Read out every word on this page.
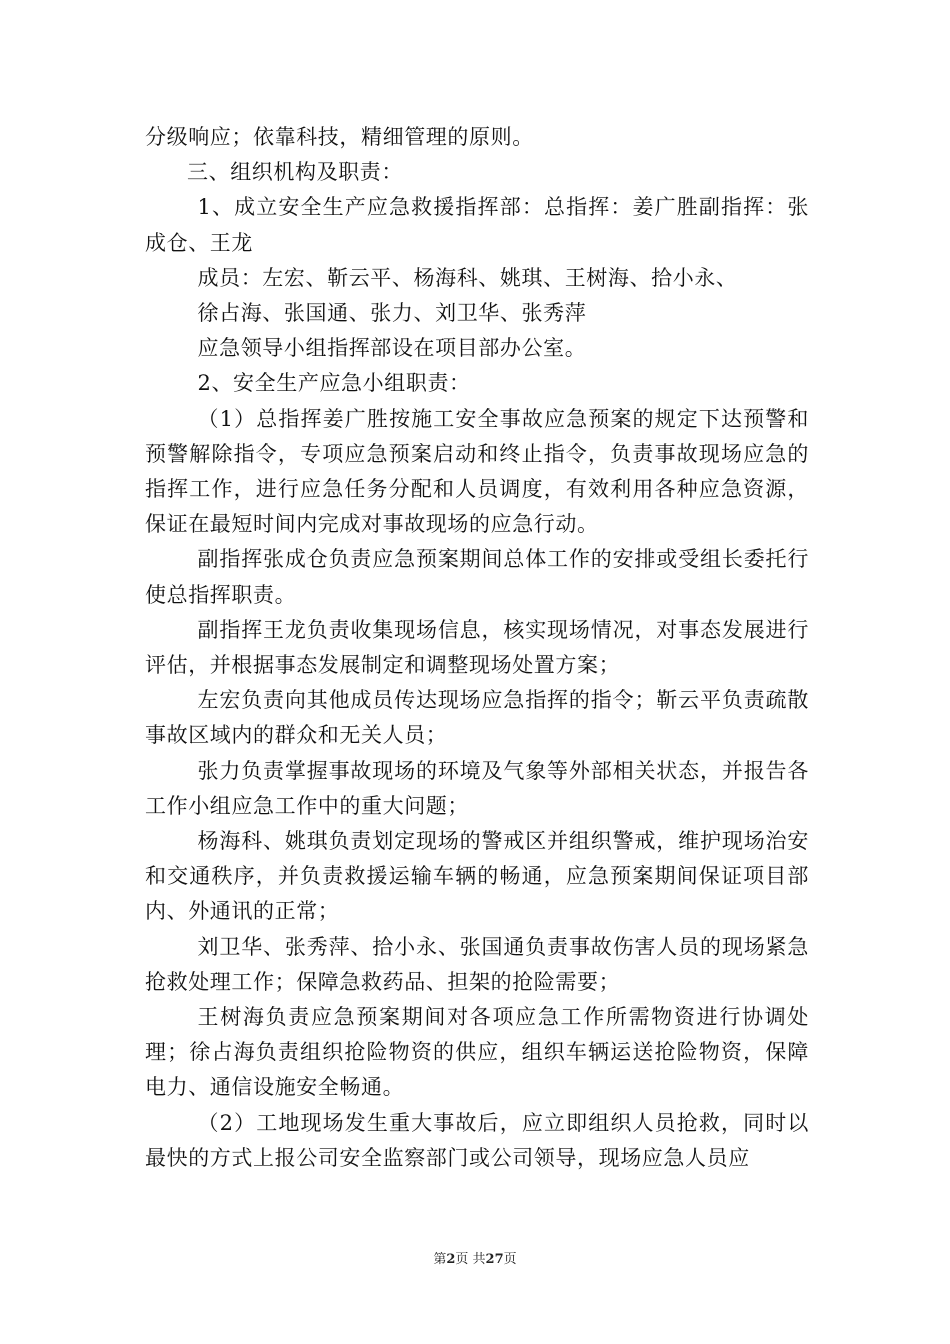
分级响应；依靠科技，精细管理的原则。

三、组织机构及职责：

1、成立安全生产应急救援指挥部：总指挥：姜广胜副指挥：张成仓、王龙

成员：左宏、靳云平、杨海科、姚琪、王树海、拾小永、

徐占海、张国通、张力、刘卫华、张秀萍

应急领导小组指挥部设在项目部办公室。

2、安全生产应急小组职责：

（1）总指挥姜广胜按施工安全事故应急预案的规定下达预警和预警解除指令，专项应急预案启动和终止指令，负责事故现场应急的指挥工作，进行应急任务分配和人员调度，有效利用各种应急资源，保证在最短时间内完成对事故现场的应急行动。

副指挥张成仓负责应急预案期间总体工作的安排或受组长委托行使总指挥职责。

副指挥王龙负责收集现场信息，核实现场情况，对事态发展进行评估，并根据事态发展制定和调整现场处置方案；

左宏负责向其他成员传达现场应急指挥的指令；靳云平负责疏散事故区域内的群众和无关人员；

张力负责掌握事故现场的环境及气象等外部相关状态，并报告各工作小组应急工作中的重大问题；

杨海科、姚琪负责划定现场的警戒区并组织警戒，维护现场治安和交通秩序，并负责救援运输车辆的畅通，应急预案期间保证项目部内、外通讯的正常；

刘卫华、张秀萍、拾小永、张国通负责事故伤害人员的现场紧急抢救处理工作；保障急救药品、担架的抢险需要；

王树海负责应急预案期间对各项应急工作所需物资进行协调处理；徐占海负责组织抢险物资的供应，组织车辆运送抢险物资，保障电力、通信设施安全畅通。

（2）工地现场发生重大事故后，应立即组织人员抢救，同时以最快的方式上报公司安全监察部门或公司领导，现场应急人员应

第2页 共27页
